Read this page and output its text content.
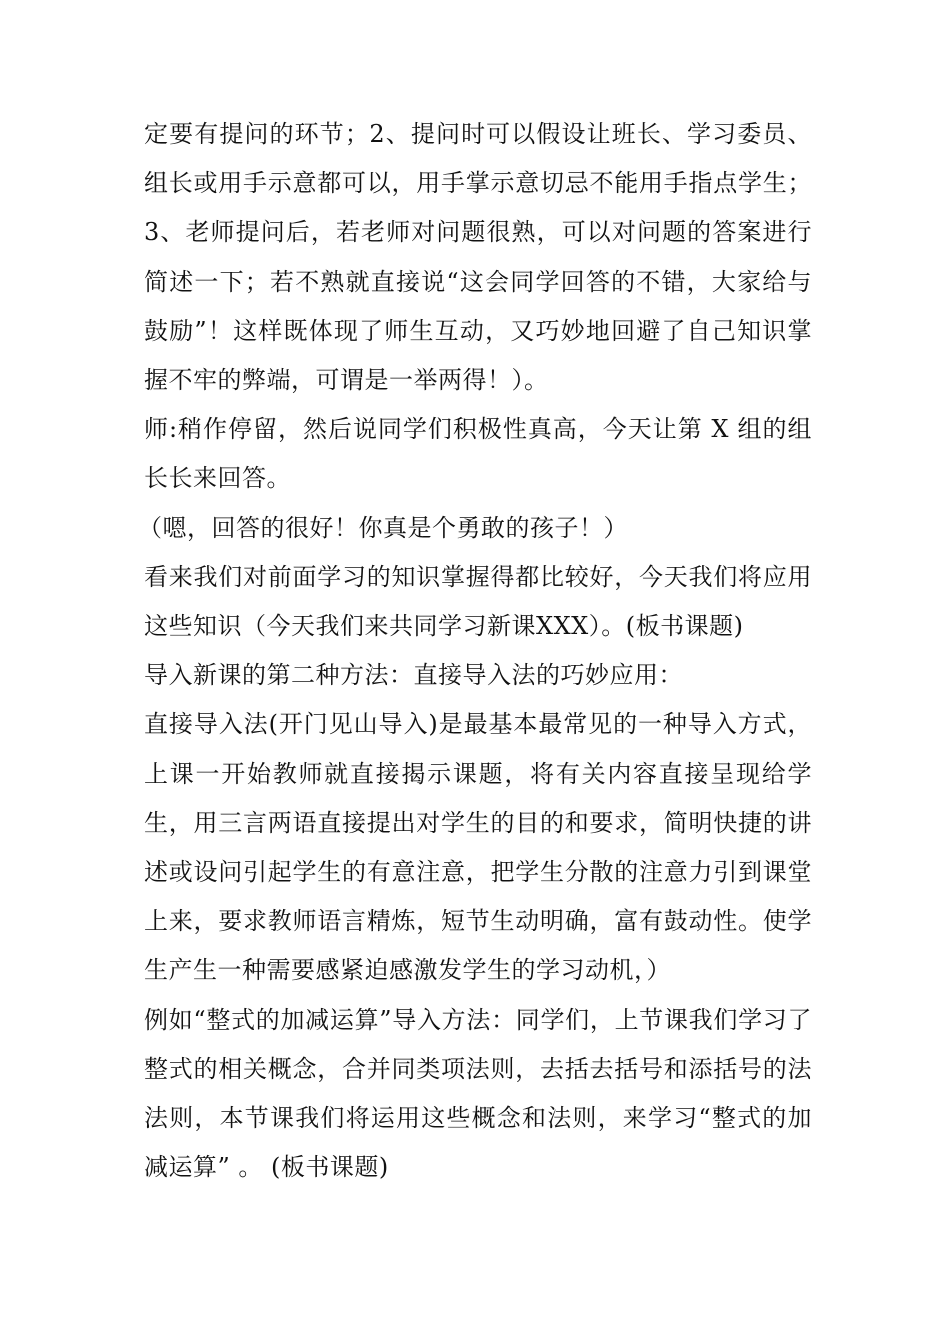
定要有提问的环节；2、提问时可以假设让班长、学习委员、组长或用手示意都可以，用手掌示意切忌不能用手指点学生；3、老师提问后，若老师对问题很熟，可以对问题的答案进行简述一下；若不熟就直接说“这会同学回答的不错，大家给与鼓励”！这样既体现了师生互动，又巧妙地回避了自己知识掌握不牢的弊端，可谓是一举两得！）。

师:稍作停留，然后说同学们积极性真高，今天让第 X 组的组长长来回答。

（嗯，回答的很好！你真是个勇敢的孩子！）

看来我们对前面学习的知识掌握得都比较好，今天我们将应用这些知识（今天我们来共同学习新课XXX）。(板书课题)

导入新课的第二种方法：直接导入法的巧妙应用：

直接导入法(开门见山导入)是最基本最常见的一种导入方式，上课一开始教师就直接揭示课题，将有关内容直接呈现给学生，用三言两语直接提出对学生的目的和要求，简明快捷的讲述或设问引起学生的有意注意，把学生分散的注意力引到课堂上来，要求教师语言精炼，短节生动明确，富有鼓动性。使学生产生一种需要感紧迫感激发学生的学习动机，）

例如“整式的加减运算”导入方法：同学们，上节课我们学习了整式的相关概念，合并同类项法则，去括去括号和添括号的法法则，本节课我们将运用这些概念和法则，来学习“整式的加减运算” 。 (板书课题)
